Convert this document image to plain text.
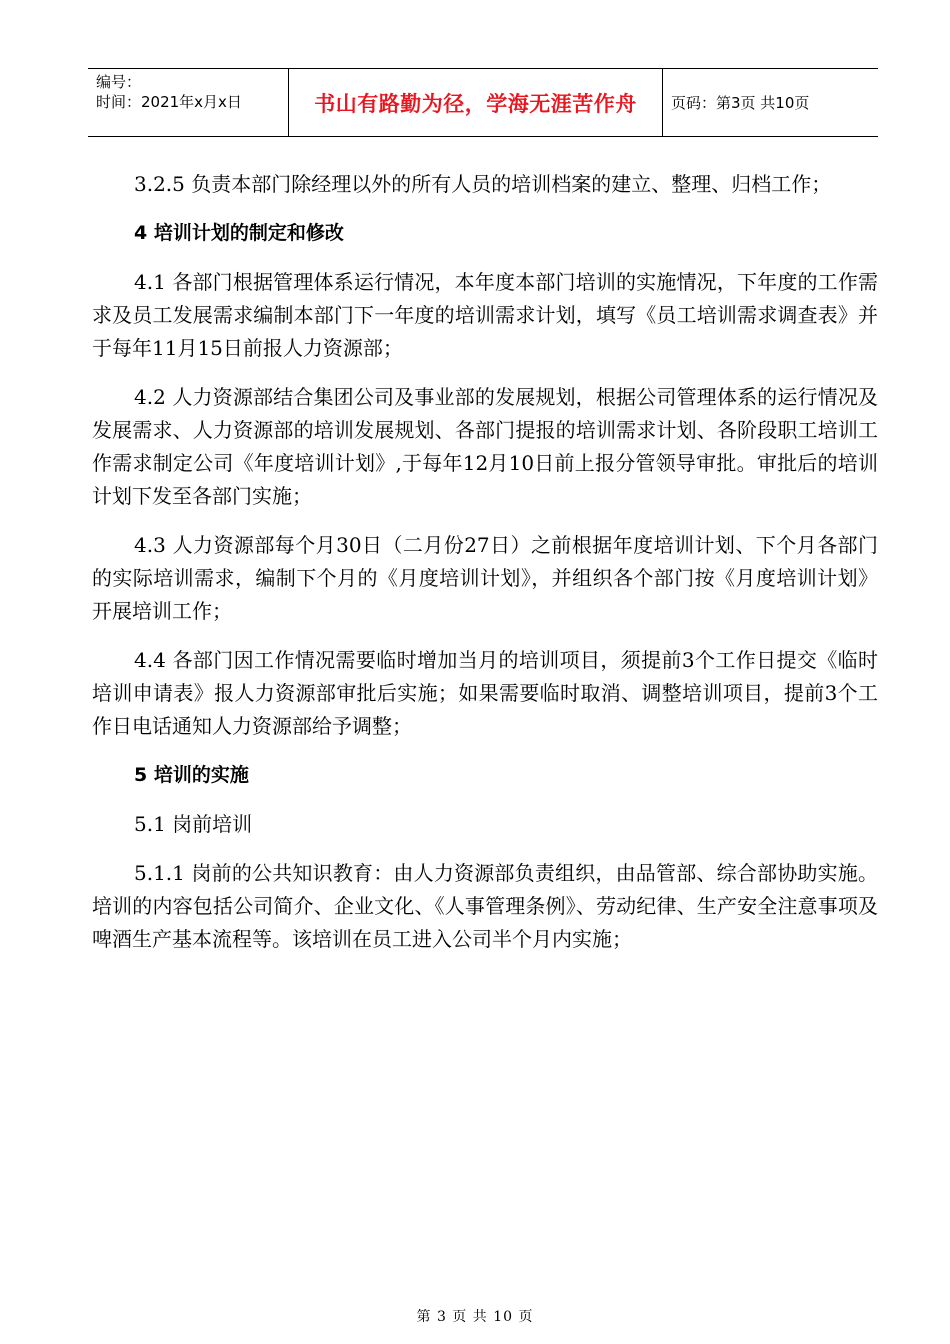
编号：
时间：2021年x月x日	书山有路勤为径，学海无涯苦作舟 页码：第3页 共10页

3.2.5 负责本部门除经理以外的所有人员的培训档案的建立、整理、归档工作；

4 培训计划的制定和修改

4.1 各部门根据管理体系运行情况，本年度本部门培训的实施情况，下年度的工作需求及员工发展需求编制本部门下一年度的培训需求计划，填写《员工培训需求调查表》并于每年11月15日前报人力资源部；

4.2 人力资源部结合集团公司及事业部的发展规划，根据公司管理体系的运行情况及发展需求、人力资源部的培训发展规划、各部门提报的培训需求计划、各阶段职工培训工作需求制定公司《年度培训计划》,于每年12月10日前上报分管领导审批。审批后的培训计划下发至各部门实施；

4.3 人力资源部每个月30日（二月份27日）之前根据年度培训计划、下个月各部门的实际培训需求，编制下个月的《月度培训计划》，并组织各个部门按《月度培训计划》开展培训工作；

4.4 各部门因工作情况需要临时增加当月的培训项目，须提前3个工作日提交《临时培训申请表》报人力资源部审批后实施；如果需要临时取消、调整培训项目，提前3个工作日电话通知人力资源部给予调整；

5 培训的实施

5.1 岗前培训

5.1.1 岗前的公共知识教育：由人力资源部负责组织，由品管部、综合部协助实施。培训的内容包括公司简介、企业文化、《人事管理条例》、劳动纪律、生产安全注意事项及啤酒生产基本流程等。该培训在员工进入公司半个月内实施；

第 3 页 共 10 页
